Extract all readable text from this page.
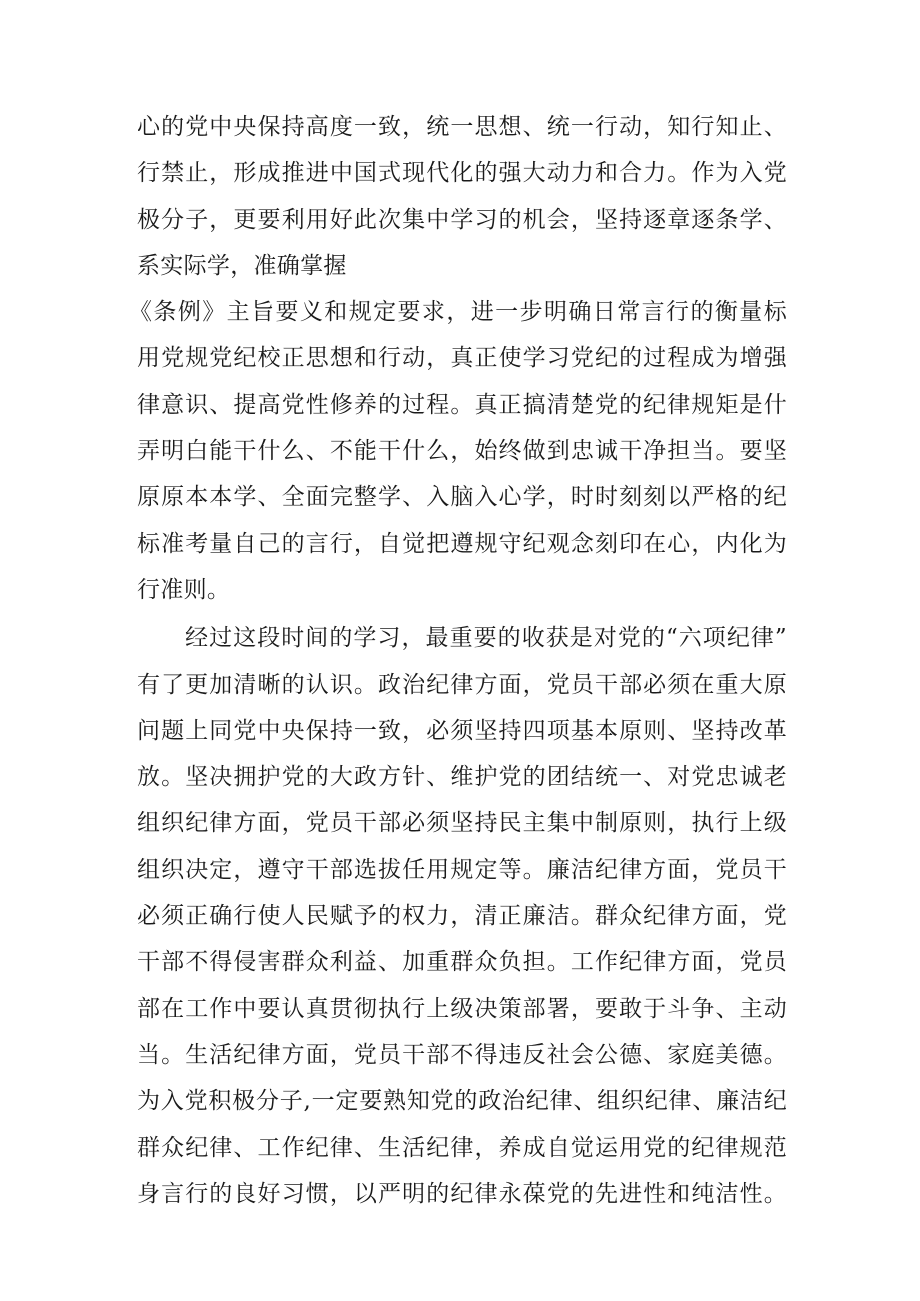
心的党中央保持高度一致，统一思想、统一行动，知行知止、
行禁止，形成推进中国式现代化的强大动力和合力。作为入党
极分子，更要利用好此次集中学习的机会，坚持逐章逐条学、
系实际学，准确掌握
《条例》主旨要义和规定要求，进一步明确日常言行的衡量标
用党规党纪校正思想和行动，真正使学习党纪的过程成为增强
律意识、提高党性修养的过程。真正搞清楚党的纪律规矩是什
弄明白能干什么、不能干什么，始终做到忠诚干净担当。要坚
原原本本学、全面完整学、入脑入心学，时时刻刻以严格的纪
标准考量自己的言行，自觉把遵规守纪观念刻印在心，内化为
行准则。
　　经过这段时间的学习，最重要的收获是对党的“六项纪律”
有了更加清晰的认识。政治纪律方面，党员干部必须在重大原
问题上同党中央保持一致，必须坚持四项基本原则、坚持改革
放。坚决拥护党的大政方针、维护党的团结统一、对党忠诚老
组织纪律方面，党员干部必须坚持民主集中制原则，执行上级
组织决定，遵守干部选拔任用规定等。廉洁纪律方面，党员干
必须正确行使人民赋予的权力，清正廉洁。群众纪律方面，党
干部不得侵害群众利益、加重群众负担。工作纪律方面，党员
部在工作中要认真贯彻执行上级决策部署，要敢于斗争、主动
当。生活纪律方面，党员干部不得违反社会公德、家庭美德。
为入党积极分子,一定要熟知党的政治纪律、组织纪律、廉洁纪
群众纪律、工作纪律、生活纪律，养成自觉运用党的纪律规范
身言行的良好习惯，以严明的纪律永葆党的先进性和纯洁性。
